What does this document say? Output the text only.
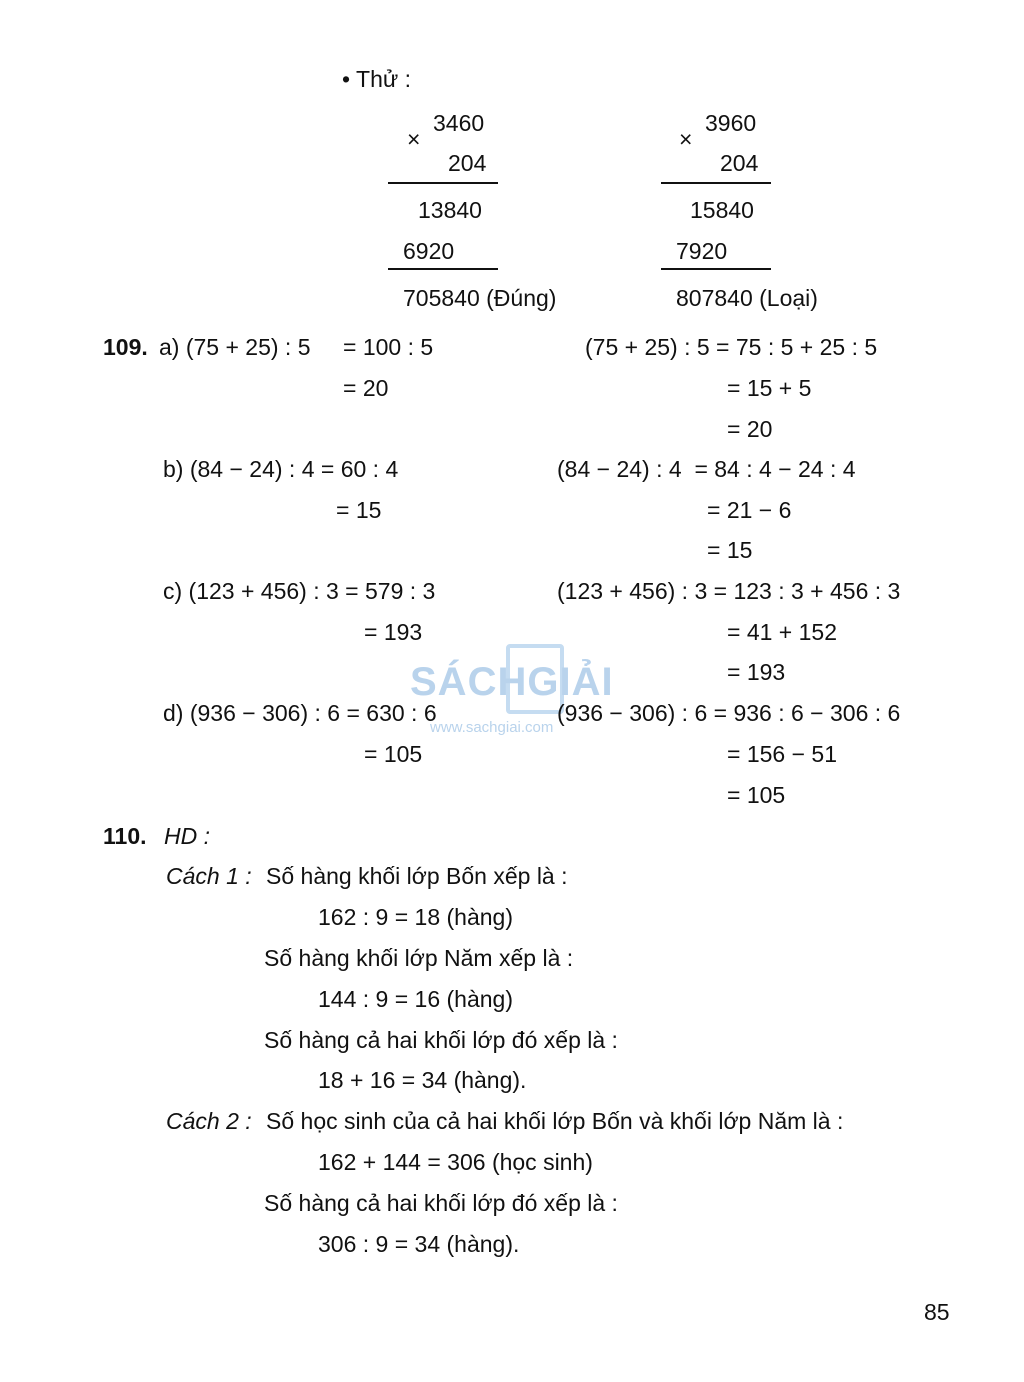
• Thử :
×
3460
204
13840
6920
705840 (Đúng)
×
3960
204
15840
7920
807840 (Loại)
109. a) (75 + 25) : 5 = 100 : 5
= 20
(75 + 25) : 5 = 75 : 5 + 25 : 5
= 15 + 5
= 20
b) (84 − 24) : 4 = 60 : 4
= 15
(84 − 24) : 4  = 84 : 4 − 24 : 4
= 21 − 6
= 15
c) (123 + 456) : 3 = 579 : 3
= 193
(123 + 456) : 3 = 123 : 3 + 456 : 3
= 41 + 152
= 193
SÁCHGIẢI
www.sachgiai.com
d) (936 − 306) : 6 = 630 : 6
= 105
(936 − 306) : 6 = 936 : 6 − 306 : 6
= 156 − 51
= 105
110. HD :
Cách 1 : Số hàng khối lớp Bốn xếp là :
162 : 9 = 18 (hàng)
Số hàng khối lớp Năm xếp là :
144 : 9 = 16 (hàng)
Số hàng cả hai khối lớp đó xếp là :
18 + 16 = 34 (hàng).
Cách 2 : Số học sinh của cả hai khối lớp Bốn và khối lớp Năm là :
162 + 144 = 306 (học sinh)
Số hàng cả hai khối lớp đó xếp là :
306 : 9 = 34 (hàng).
85
